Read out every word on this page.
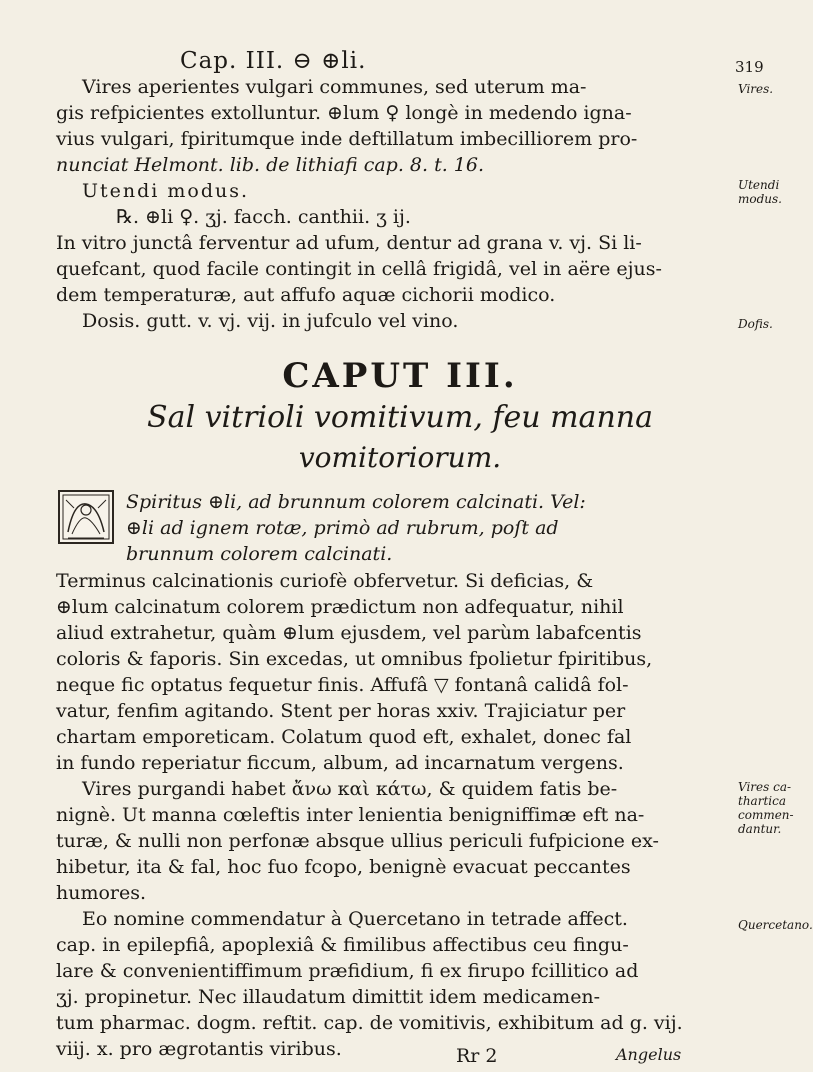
Cap. III. ⊖ ⊕li.	319
Vires aperientes vulgari communes, sed uterum ma-
gis refpicientes extolluntur. ⊕lum ♀ longè in medendo igna-
vius vulgari, fpiritumque inde deftillatum imbecilliorem pro-
nunciat Helmont. lib. de lithiafi cap. 8. t. 16.
Utendi modus.
℞. ⊕li ♀. ʒj. facch. canthii. ʒ ij.
In vitro junctâ ferventur ad ufum, dentur ad grana v. vj. Si li-
quefcant, quod facile contingit in cellâ frigidâ, vel in aëre ejus-
dem temperaturæ, aut affufo aquæ cichorii modico.
Dosis. gutt. v. vj. vij. in jufculo vel vino.
Vires.
Utendi modus.
Dofis.
CAPUT III.
Sal vitrioli vomitivum, feu manna
vomitoriorum.
Spiritus ⊕li, ad brunnum colorem calcinati. Vel:
⊕li ad ignem rotæ, primò ad rubrum, poſt ad
brunnum colorem calcinati.
Terminus calcinationis curiofè obfervetur. Si deficias, &
⊕lum calcinatum colorem prædictum non adfequatur, nihil
aliud extrahetur, quàm ⊕lum ejusdem, vel parùm labafcentis
coloris & faporis. Sin excedas, ut omnibus fpolietur fpiritibus,
neque fic optatus fequetur finis. Affufâ ▽ fontanâ calidâ fol-
vatur, fenfim agitando. Stent per horas xxiv. Trajiciatur per
chartam emporeticam. Colatum quod eft, exhalet, donec fal
in fundo reperiatur ficcum, album, ad incarnatum vergens.
Vires purgandi habet ἄνω καὶ κάτω, & quidem fatis be-
nignè. Ut manna cœleftis inter lenientia benigniffimæ eft na-
turæ, & nulli non perfonæ absque ullius periculi fufpicione ex-
hibetur, ita & fal, hoc fuo fcopo, benignè evacuat peccantes
humores.
Eo nomine commendatur à Quercetano in tetrade affect.
cap. in epilepfiâ, apoplexiâ & fimilibus affectibus ceu fingu-
lare & convenientiffimum præfidium, fi ex firupo fcillitico ad
ʒj. propinetur. Nec illaudatum dimittit idem medicamen-
tum pharmac. dogm. reftit. cap. de vomitivis, exhibitum ad g. vij.
viij. x. pro ægrotantis viribus.
Vires ca-thartica commen-dantur.
Quercetano.
Rr 2	Angelus
